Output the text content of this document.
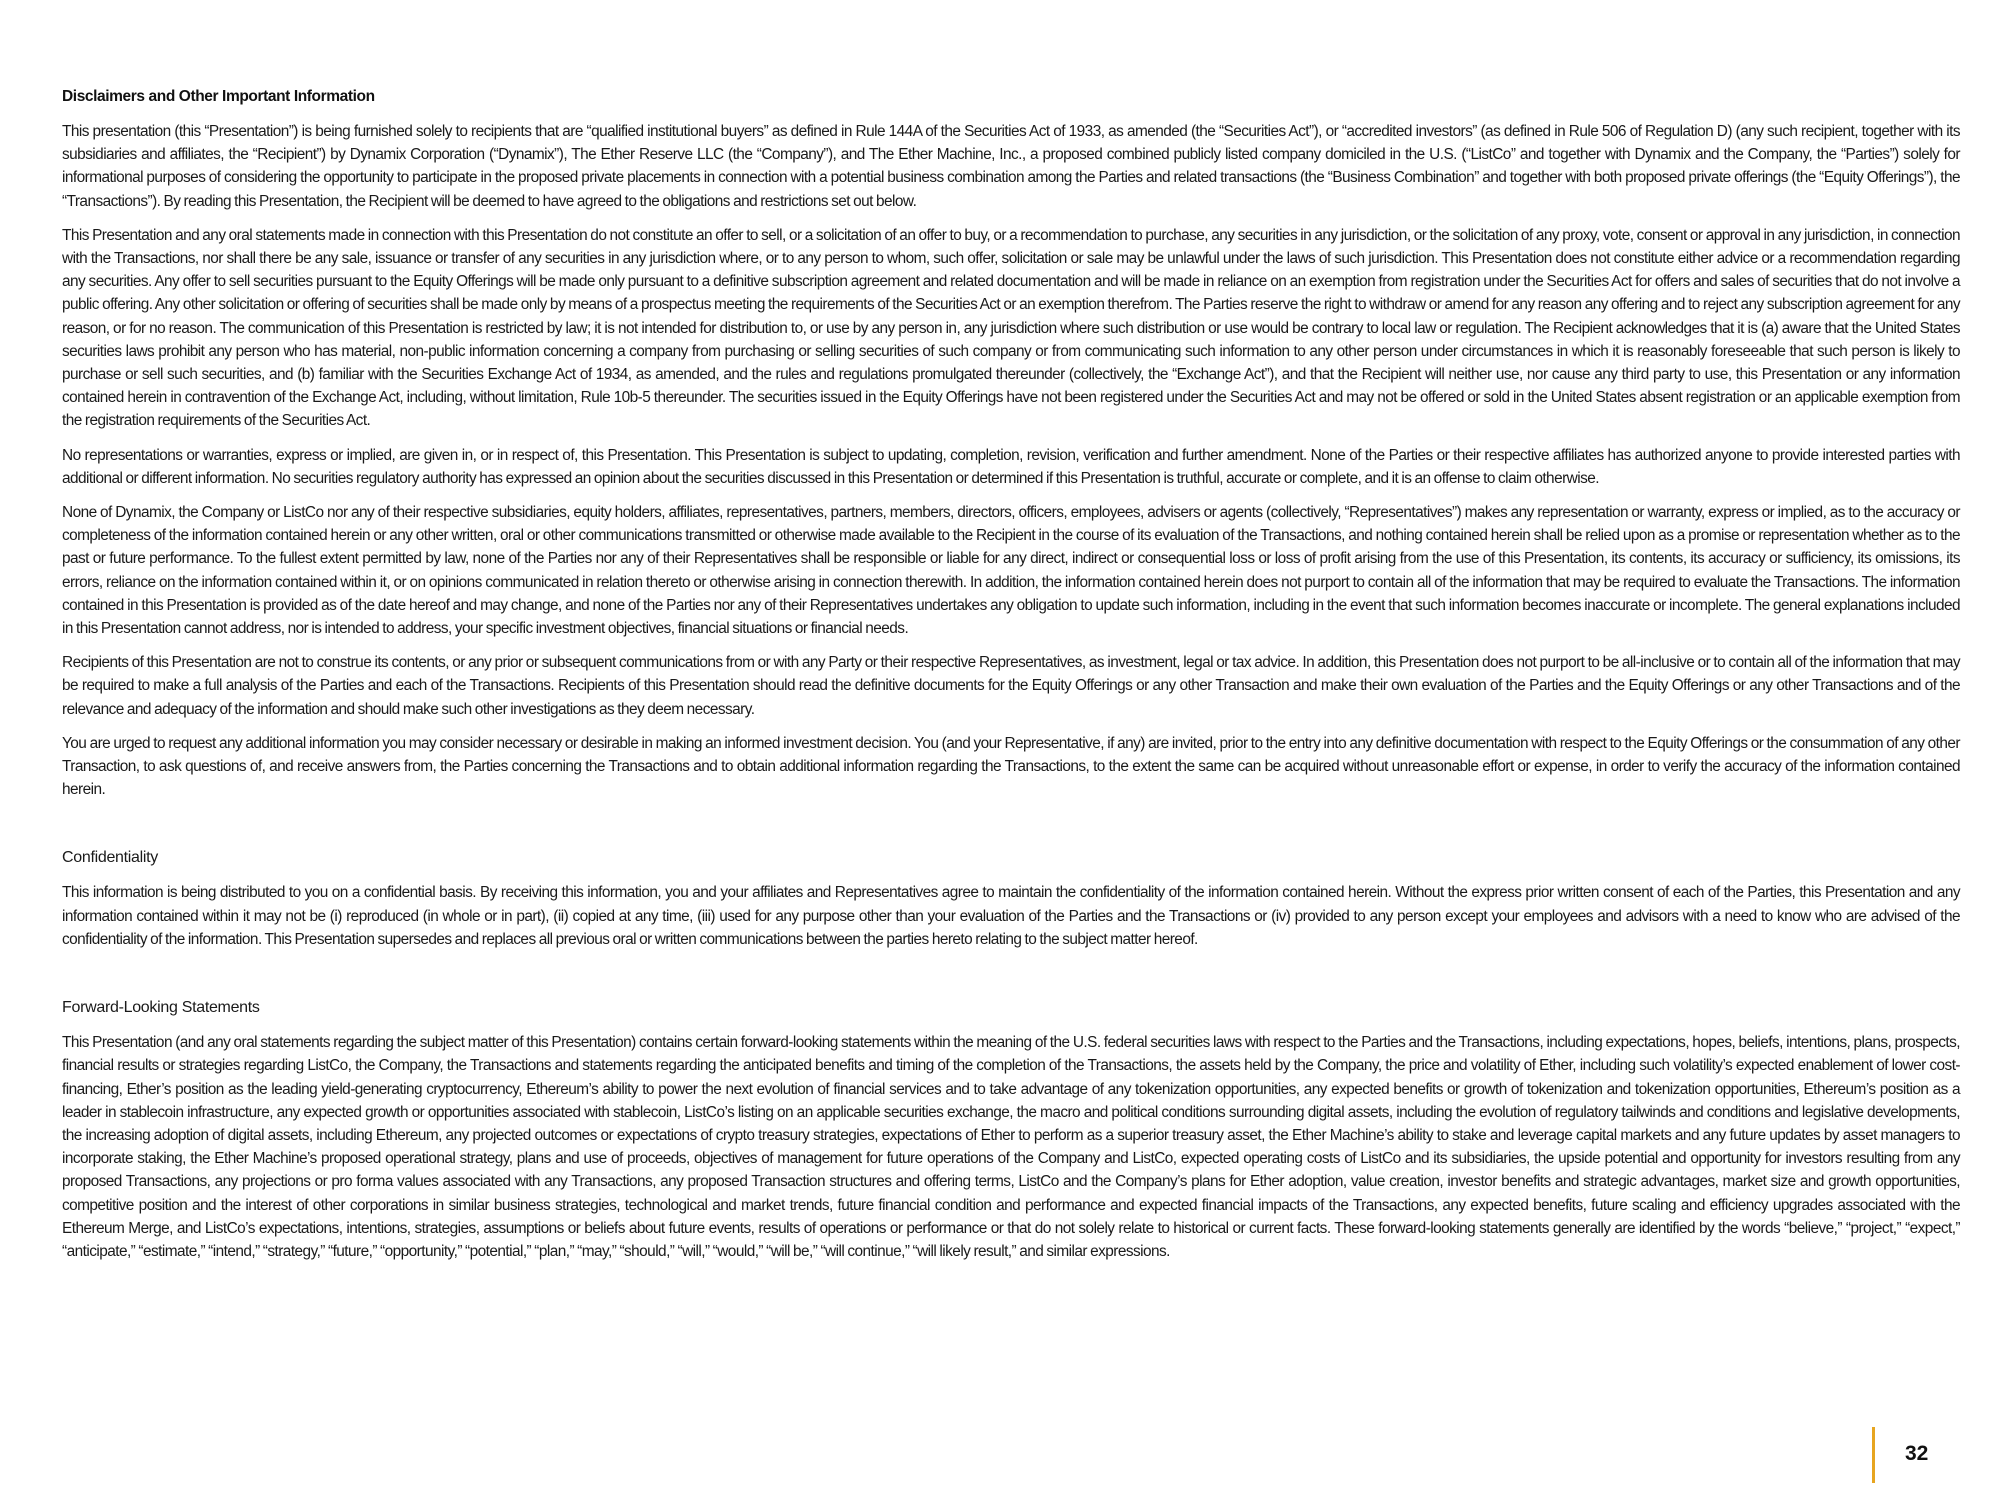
Disclaimers and Other Important Information

This presentation (this “Presentation”) is being furnished solely to recipients that are “qualified institutional buyers” as defined in Rule 144A of the Securities Act of 1933, as amended (the “Securities Act”), or “accredited investors” (as defined in Rule 506 of Regulation D) (any such recipient, together with its subsidiaries and affiliates, the “Recipient”) by Dynamix Corporation (“Dynamix”), The Ether Reserve LLC (the “Company”), and The Ether Machine, Inc., a proposed combined publicly listed company domiciled in the U.S. (“ListCo” and together with Dynamix and the Company, the “Parties”) solely for informational purposes of considering the opportunity to participate in the proposed private placements in connection with a potential business combination among the Parties and related transactions (the “Business Combination” and together with both proposed private offerings (the “Equity Offerings”), the “Transactions”). By reading this Presentation, the Recipient will be deemed to have agreed to the obligations and restrictions set out below.

This Presentation and any oral statements made in connection with this Presentation do not constitute an offer to sell, or a solicitation of an offer to buy, or a recommendation to purchase, any securities in any jurisdiction, or the solicitation of any proxy, vote, consent or approval in any jurisdiction, in connection with the Transactions, nor shall there be any sale, issuance or transfer of any securities in any jurisdiction where, or to any person to whom, such offer, solicitation or sale may be unlawful under the laws of such jurisdiction. This Presentation does not constitute either advice or a recommendation regarding any securities. Any offer to sell securities pursuant to the Equity Offerings will be made only pursuant to a definitive subscription agreement and related documentation and will be made in reliance on an exemption from registration under the Securities Act for offers and sales of securities that do not involve a public offering. Any other solicitation or offering of securities shall be made only by means of a prospectus meeting the requirements of the Securities Act or an exemption therefrom. The Parties reserve the right to withdraw or amend for any reason any offering and to reject any subscription agreement for any reason, or for no reason. The communication of this Presentation is restricted by law; it is not intended for distribution to, or use by any person in, any jurisdiction where such distribution or use would be contrary to local law or regulation. The Recipient acknowledges that it is (a) aware that the United States securities laws prohibit any person who has material, non-public information concerning a company from purchasing or selling securities of such company or from communicating such information to any other person under circumstances in which it is reasonably foreseeable that such person is likely to purchase or sell such securities, and (b) familiar with the Securities Exchange Act of 1934, as amended, and the rules and regulations promulgated thereunder (collectively, the “Exchange Act”), and that the Recipient will neither use, nor cause any third party to use, this Presentation or any information contained herein in contravention of the Exchange Act, including, without limitation, Rule 10b-5 thereunder. The securities issued in the Equity Offerings have not been registered under the Securities Act and may not be offered or sold in the United States absent registration or an applicable exemption from the registration requirements of the Securities Act.

No representations or warranties, express or implied, are given in, or in respect of, this Presentation. This Presentation is subject to updating, completion, revision, verification and further amendment. None of the Parties or their respective affiliates has authorized anyone to provide interested parties with additional or different information. No securities regulatory authority has expressed an opinion about the securities discussed in this Presentation or determined if this Presentation is truthful, accurate or complete, and it is an offense to claim otherwise.

None of Dynamix, the Company or ListCo nor any of their respective subsidiaries, equity holders, affiliates, representatives, partners, members, directors, officers, employees, advisers or agents (collectively, “Representatives”) makes any representation or warranty, express or implied, as to the accuracy or completeness of the information contained herein or any other written, oral or other communications transmitted or otherwise made available to the Recipient in the course of its evaluation of the Transactions, and nothing contained herein shall be relied upon as a promise or representation whether as to the past or future performance. To the fullest extent permitted by law, none of the Parties nor any of their Representatives shall be responsible or liable for any direct, indirect or consequential loss or loss of profit arising from the use of this Presentation, its contents, its accuracy or sufficiency, its omissions, its errors, reliance on the information contained within it, or on opinions communicated in relation thereto or otherwise arising in connection therewith. In addition, the information contained herein does not purport to contain all of the information that may be required to evaluate the Transactions. The information contained in this Presentation is provided as of the date hereof and may change, and none of the Parties nor any of their Representatives undertakes any obligation to update such information, including in the event that such information becomes inaccurate or incomplete. The general explanations included in this Presentation cannot address, nor is intended to address, your specific investment objectives, financial situations or financial needs.

Recipients of this Presentation are not to construe its contents, or any prior or subsequent communications from or with any Party or their respective Representatives, as investment, legal or tax advice. In addition, this Presentation does not purport to be all-inclusive or to contain all of the information that may be required to make a full analysis of the Parties and each of the Transactions. Recipients of this Presentation should read the definitive documents for the Equity Offerings or any other Transaction and make their own evaluation of the Parties and the Equity Offerings or any other Transactions and of the relevance and adequacy of the information and should make such other investigations as they deem necessary.

You are urged to request any additional information you may consider necessary or desirable in making an informed investment decision. You (and your Representative, if any) are invited, prior to the entry into any definitive documentation with respect to the Equity Offerings or the consummation of any other Transaction, to ask questions of, and receive answers from, the Parties concerning the Transactions and to obtain additional information regarding the Transactions, to the extent the same can be acquired without unreasonable effort or expense, in order to verify the accuracy of the information contained herein.

Confidentiality

This information is being distributed to you on a confidential basis. By receiving this information, you and your affiliates and Representatives agree to maintain the confidentiality of the information contained herein. Without the express prior written consent of each of the Parties, this Presentation and any information contained within it may not be (i) reproduced (in whole or in part), (ii) copied at any time, (iii) used for any purpose other than your evaluation of the Parties and the Transactions or (iv) provided to any person except your employees and advisors with a need to know who are advised of the confidentiality of the information. This Presentation supersedes and replaces all previous oral or written communications between the parties hereto relating to the subject matter hereof.

Forward-Looking Statements

This Presentation (and any oral statements regarding the subject matter of this Presentation) contains certain forward-looking statements within the meaning of the U.S. federal securities laws with respect to the Parties and the Transactions, including expectations, hopes, beliefs, intentions, plans, prospects, financial results or strategies regarding ListCo, the Company, the Transactions and statements regarding the anticipated benefits and timing of the completion of the Transactions, the assets held by the Company, the price and volatility of Ether, including such volatility’s expected enablement of lower cost-financing, Ether’s position as the leading yield-generating cryptocurrency, Ethereum’s ability to power the next evolution of financial services and to take advantage of any tokenization opportunities, any expected benefits or growth of tokenization and tokenization opportunities, Ethereum’s position as a leader in stablecoin infrastructure, any expected growth or opportunities associated with stablecoin, ListCo’s listing on an applicable securities exchange, the macro and political conditions surrounding digital assets, including the evolution of regulatory tailwinds and conditions and legislative developments, the increasing adoption of digital assets, including Ethereum, any projected outcomes or expectations of crypto treasury strategies, expectations of Ether to perform as a superior treasury asset, the Ether Machine’s ability to stake and leverage capital markets and any future updates by asset managers to incorporate staking, the Ether Machine’s proposed operational strategy, plans and use of proceeds, objectives of management for future operations of the Company and ListCo, expected operating costs of ListCo and its subsidiaries, the upside potential and opportunity for investors resulting from any proposed Transactions, any projections or pro forma values associated with any Transactions, any proposed Transaction structures and offering terms, ListCo and the Company’s plans for Ether adoption, value creation, investor benefits and strategic advantages, market size and growth opportunities, competitive position and the interest of other corporations in similar business strategies, technological and market trends, future financial condition and performance and expected financial impacts of the Transactions, any expected benefits, future scaling and efficiency upgrades associated with the Ethereum Merge, and ListCo’s expectations, intentions, strategies, assumptions or beliefs about future events, results of operations or performance or that do not solely relate to historical or current facts. These forward-looking statements generally are identified by the words “believe,” “project,” “expect,” “anticipate,” “estimate,” “intend,” “strategy,” “future,” “opportunity,” “potential,” “plan,” “may,” “should,” “will,” “would,” “will be,” “will continue,” “will likely result,” and similar expressions.

32
